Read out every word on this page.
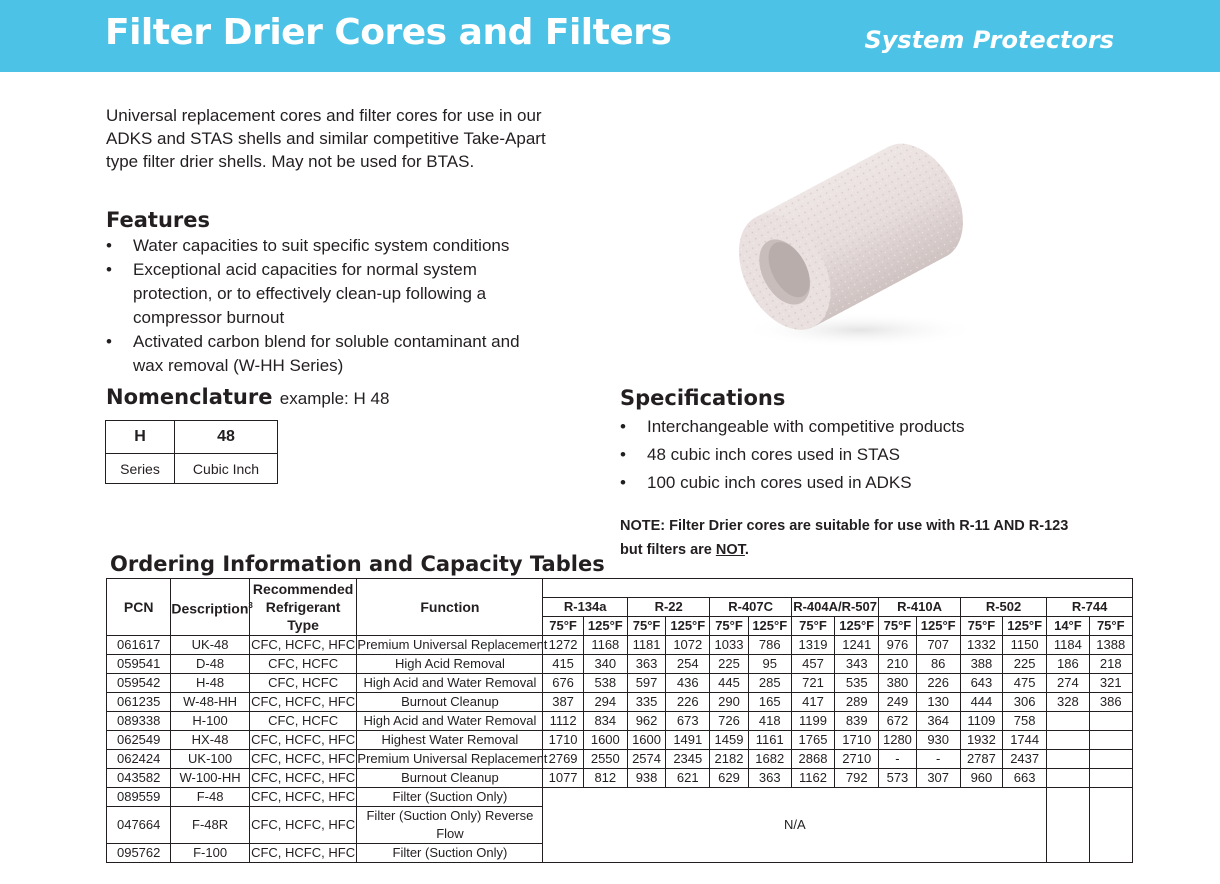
Filter Drier Cores and Filters	System Protectors
Universal replacement cores and filter cores for use in our ADKS and STAS shells and similar competitive Take-Apart type filter drier shells. May not be used for BTAS.
Features
• Water capacities to suit specific system conditions
• Exceptional acid capacities for normal system protection, or to effectively clean-up following a compressor burnout
• Activated carbon blend for soluble contaminant and wax removal (W-HH Series)
Nomenclature example: H 48
H	48
Series	Cubic Inch
Specifications
• Interchangeable with competitive products
• 48 cubic inch cores used in STAS
• 100 cubic inch cores used in ADKS
NOTE: Filter Drier cores are suitable for use with R-11 AND R-123
but filters are NOT.
Ordering Information and Capacity Tables
PCN	Description$^3$	Recommended Refrigerant Type	Function														
				R-134a		R-22		R-407C		R-404A/R-507		R-410A		R-502		R-744	
				75°F	125°F	75°F	125°F	75°F	125°F	75°F	125°F	75°F	125°F	75°F	125°F	14°F	75°F
061617	UK-48	CFC, HCFC, HFC	Premium Universal Replacement	1272	1168	1181	1072	1033	786	1319	1241	976	707	1332	1150	1184	1388
059541	D-48	CFC, HCFC	High Acid Removal	415	340	363	254	225	95	457	343	210	86	388	225	186	218
059542	H-48	CFC, HCFC	High Acid and Water Removal	676	538	597	436	445	285	721	535	380	226	643	475	274	321
061235	W-48-HH	CFC, HCFC, HFC	Burnout Cleanup	387	294	335	226	290	165	417	289	249	130	444	306	328	386
089338	H-100	CFC, HCFC	High Acid and Water Removal	1112	834	962	673	726	418	1199	839	672	364	1109	758		
062549	HX-48	CFC, HCFC, HFC	Highest Water Removal	1710	1600	1600	1491	1459	1161	1765	1710	1280	930	1932	1744		
062424	UK-100	CFC, HCFC, HFC	Premium Universal Replacement	2769	2550	2574	2345	2182	1682	2868	2710	-	-	2787	2437		
043582	W-100-HH	CFC, HCFC, HFC	Burnout Cleanup	1077	812	938	621	629	363	1162	792	573	307	960	663		
089559	F-48	CFC, HCFC, HFC	Filter (Suction Only)	N/A													
047664	F-48R	CFC, HCFC, HFC	Filter (Suction Only) Reverse Flow														
095762	F-100	CFC, HCFC, HFC	Filter (Suction Only)														
